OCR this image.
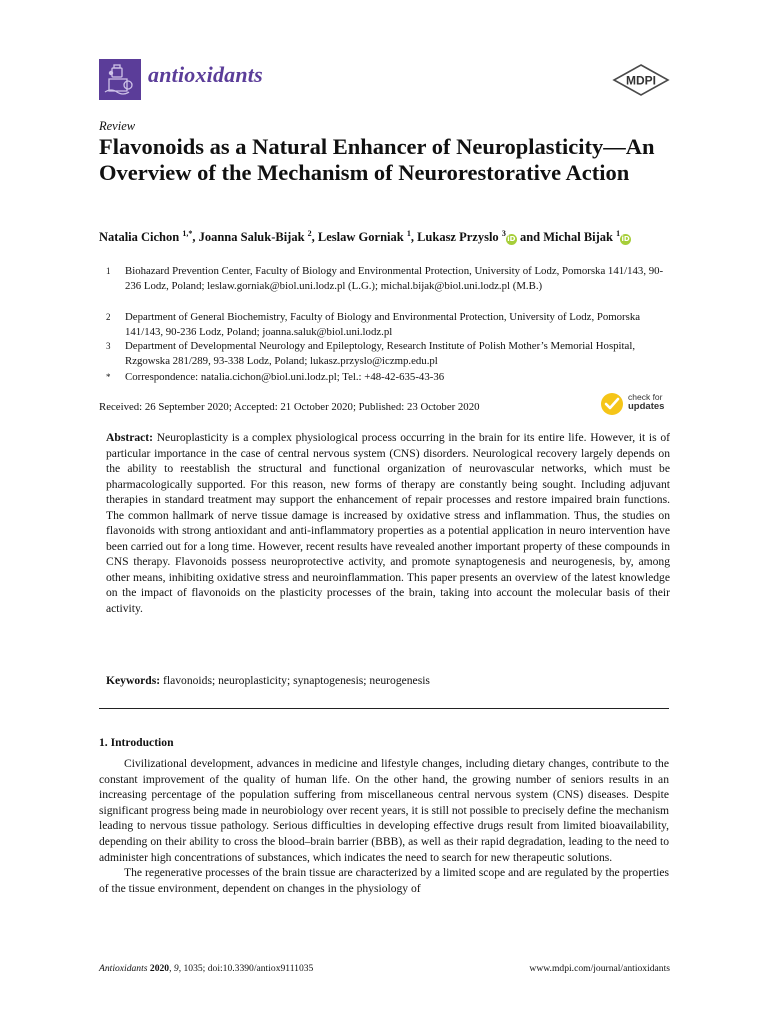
antioxidants	MDPI
Review
Flavonoids as a Natural Enhancer of Neuroplasticity—An Overview of the Mechanism of Neurorestorative Action
Natalia Cichon $^{1,*}$, Joanna Saluk-Bijak $^2$, Leslaw Gorniak $^1$, Lukasz Przyslo $^3$iD and Michal Bijak $^1$iD
1 Biohazard Prevention Center, Faculty of Biology and Environmental Protection, University of Lodz, Pomorska 141/143, 90-236 Lodz, Poland; leslaw.gorniak@biol.uni.lodz.pl (L.G.); michal.bijak@biol.uni.lodz.pl (M.B.)
2 Department of General Biochemistry, Faculty of Biology and Environmental Protection, University of Lodz, Pomorska 141/143, 90-236 Lodz, Poland; joanna.saluk@biol.uni.lodz.pl
3 Department of Developmental Neurology and Epileptology, Research Institute of Polish Mother’s Memorial Hospital, Rzgowska 281/289, 93-338 Lodz, Poland; lukasz.przyslo@iczmp.edu.pl
* Correspondence: natalia.cichon@biol.uni.lodz.pl; Tel.: +48-42-635-43-36
Received: 26 September 2020; Accepted: 21 October 2020; Published: 23 October 2020
check for
updates
Abstract: Neuroplasticity is a complex physiological process occurring in the brain for its entire life. However, it is of particular importance in the case of central nervous system (CNS) disorders. Neurological recovery largely depends on the ability to reestablish the structural and functional organization of neurovascular networks, which must be pharmacologically supported. For this reason, new forms of therapy are constantly being sought. Including adjuvant therapies in standard treatment may support the enhancement of repair processes and restore impaired brain functions. The common hallmark of nerve tissue damage is increased by oxidative stress and inflammation. Thus, the studies on flavonoids with strong antioxidant and anti-inflammatory properties as a potential application in neuro intervention have been carried out for a long time. However, recent results have revealed another important property of these compounds in CNS therapy. Flavonoids possess neuroprotective activity, and promote synaptogenesis and neurogenesis, by, among other means, inhibiting oxidative stress and neuroinflammation. This paper presents an overview of the latest knowledge on the impact of flavonoids on the plasticity processes of the brain, taking into account the molecular basis of their activity.
Keywords: flavonoids; neuroplasticity; synaptogenesis; neurogenesis
1. Introduction

Civilizational development, advances in medicine and lifestyle changes, including dietary changes, contribute to the constant improvement of the quality of human life. On the other hand, the growing number of seniors results in an increasing percentage of the population suffering from miscellaneous central nervous system (CNS) diseases. Despite significant progress being made in neurobiology over recent years, it is still not possible to precisely define the mechanism leading to nervous tissue pathology. Serious difficulties in developing effective drugs result from limited bioavailability, depending on their ability to cross the blood–brain barrier (BBB), as well as their rapid degradation, leading to the need to administer high concentrations of substances, which indicates the need to search for new therapeutic solutions.

The regenerative processes of the brain tissue are characterized by a limited scope and are regulated by the properties of the tissue environment, dependent on changes in the physiology of

Antioxidants 2020, 9, 1035; doi:10.3390/antiox9111035	www.mdpi.com/journal/antioxidants
